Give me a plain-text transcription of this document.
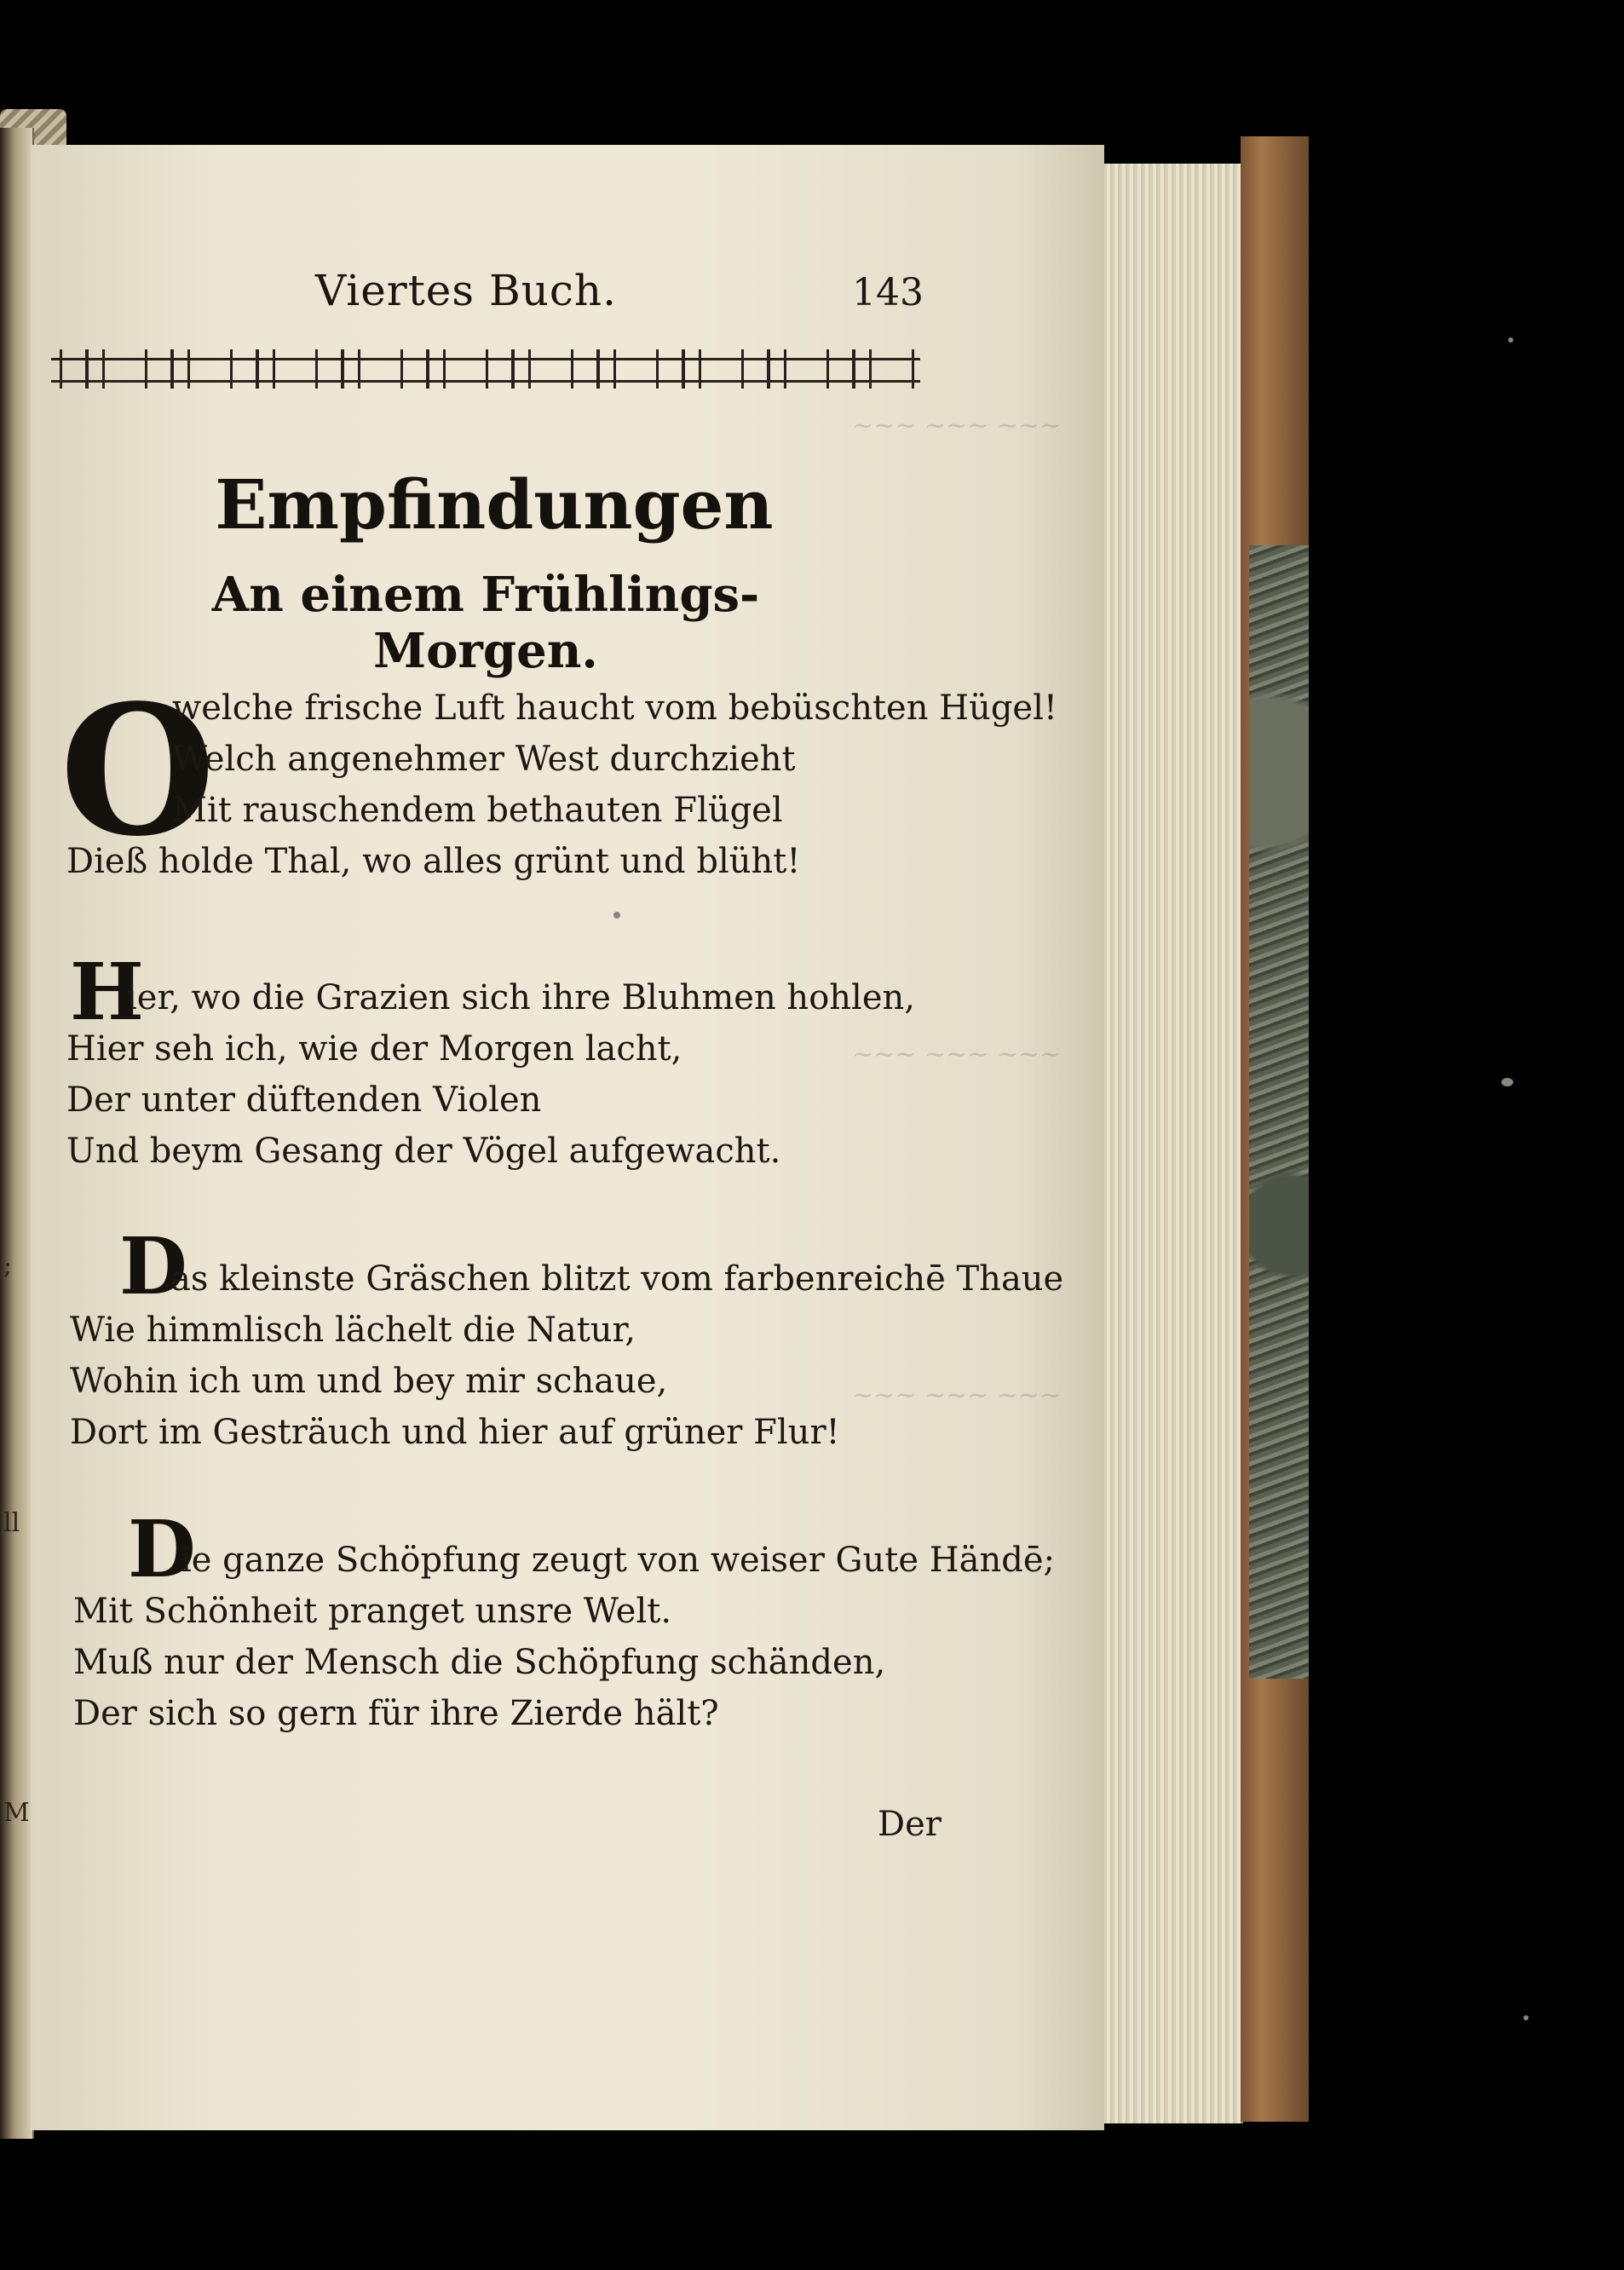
;
ll
M
~~~ ~~~ ~~~
~~~ ~~~ ~~~
~~~ ~~~ ~~~
Viertes Buch.	143
Empfindungen
An einem Frühlings-Morgen.
O
welche frische Luft haucht vom bebüschten Hügel!
Welch angenehmer West durchzieht
Mit rauschendem bethauten Flügel
Dieß holde Thal, wo alles grünt und blüht!
H
ier, wo die Grazien sich ihre Bluhmen hohlen,
Hier seh ich, wie der Morgen lacht,
Der unter düftenden Violen
Und beym Gesang der Vögel aufgewacht.
D
as kleinste Gräschen blitzt vom farbenreichē Thaue
Wie himmlisch lächelt die Natur,
Wohin ich um und bey mir schaue,
Dort im Gesträuch und hier auf grüner Flur!
D
ie ganze Schöpfung zeugt von weiser Gute Händē;
Mit Schönheit pranget unsre Welt.
Muß nur der Mensch die Schöpfung schänden,
Der sich so gern für ihre Zierde hält?
Der
